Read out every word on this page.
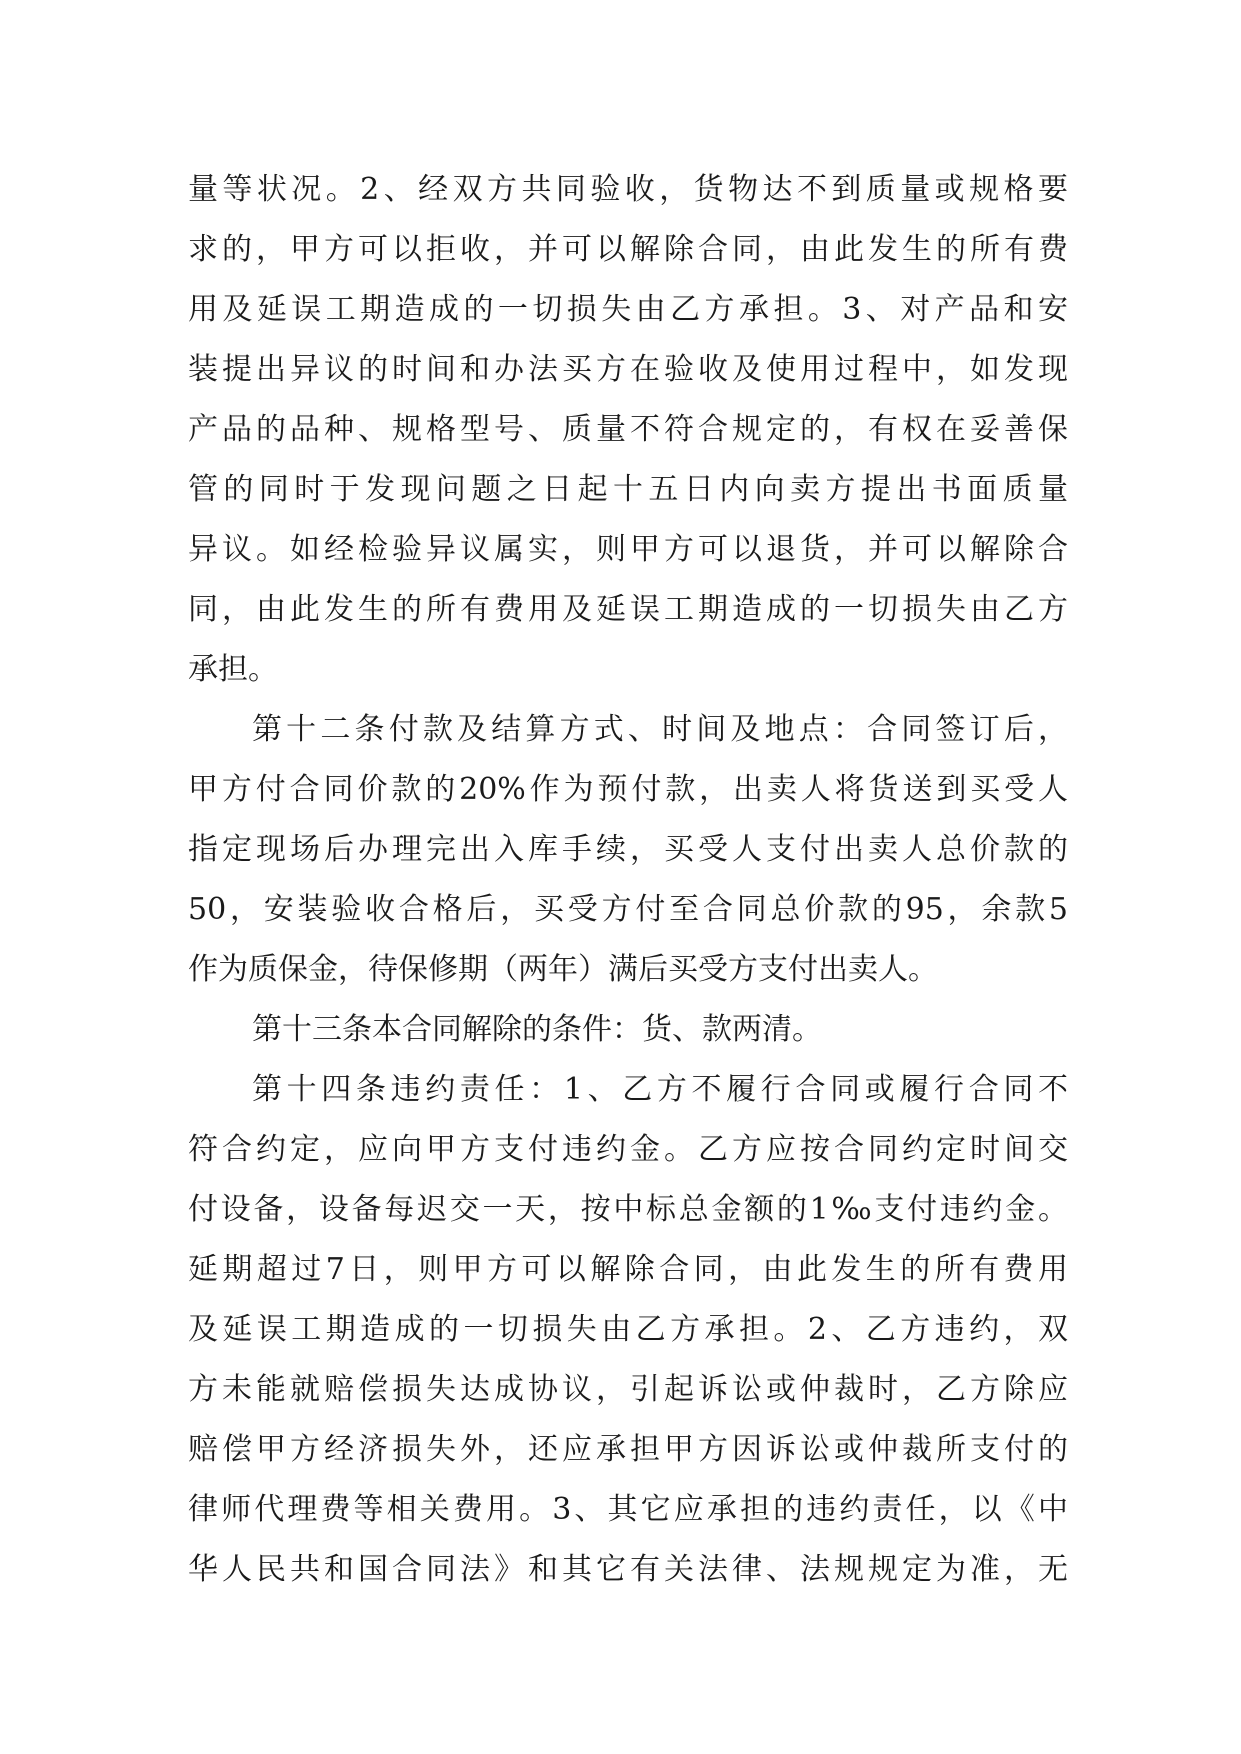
量等状况。2、经双方共同验收，货物达不到质量或规格要
求的，甲方可以拒收，并可以解除合同，由此发生的所有费
用及延误工期造成的一切损失由乙方承担。3、对产品和安
装提出异议的时间和办法买方在验收及使用过程中，如发现
产品的品种、规格型号、质量不符合规定的，有权在妥善保
管的同时于发现问题之日起十五日内向卖方提出书面质量
异议。如经检验异议属实，则甲方可以退货，并可以解除合
同，由此发生的所有费用及延误工期造成的一切损失由乙方
承担。
第十二条付款及结算方式、时间及地点：合同签订后，
甲方付合同价款的20%作为预付款，出卖人将货送到买受人
指定现场后办理完出入库手续，买受人支付出卖人总价款的
50，安装验收合格后，买受方付至合同总价款的95，余款5
作为质保金，待保修期（两年）满后买受方支付出卖人。
第十三条本合同解除的条件：货、款两清。
第十四条违约责任：1、乙方不履行合同或履行合同不
符合约定，应向甲方支付违约金。乙方应按合同约定时间交
付设备，设备每迟交一天，按中标总金额的1‰支付违约金。
延期超过7日，则甲方可以解除合同，由此发生的所有费用
及延误工期造成的一切损失由乙方承担。2、乙方违约，双
方未能就赔偿损失达成协议，引起诉讼或仲裁时，乙方除应
赔偿甲方经济损失外，还应承担甲方因诉讼或仲裁所支付的
律师代理费等相关费用。3、其它应承担的违约责任，以《中
华人民共和国合同法》和其它有关法律、法规规定为准，无
